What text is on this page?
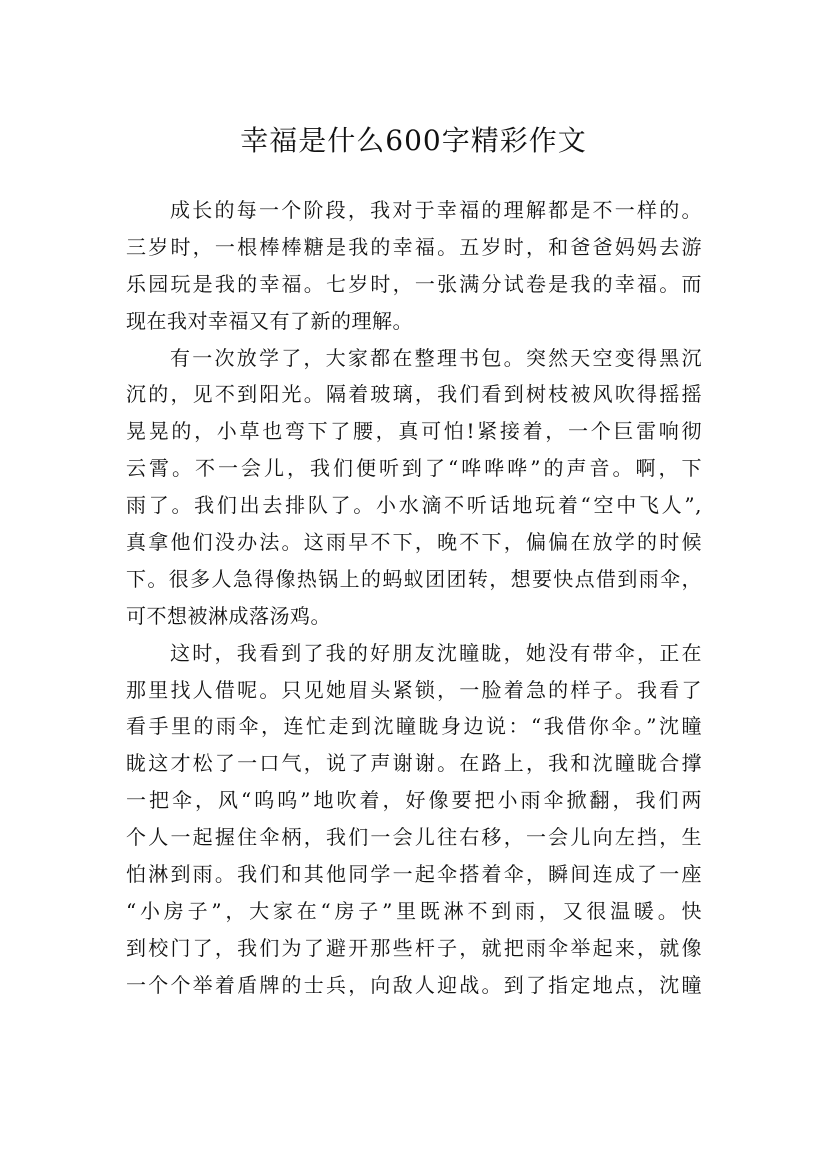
幸福是什么600字精彩作文
成长的每一个阶段，我对于幸福的理解都是不一样的。
三岁时，一根棒棒糖是我的幸福。五岁时，和爸爸妈妈去游
乐园玩是我的幸福。七岁时，一张满分试卷是我的幸福。而
现在我对幸福又有了新的理解。
有一次放学了，大家都在整理书包。突然天空变得黑沉
沉的，见不到阳光。隔着玻璃，我们看到树枝被风吹得摇摇
晃晃的，小草也弯下了腰，真可怕!紧接着，一个巨雷响彻
云霄。不一会儿，我们便听到了“哗哗哗”的声音。啊，下
雨了。我们出去排队了。小水滴不听话地玩着“空中飞人”,
真拿他们没办法。这雨早不下，晚不下，偏偏在放学的时候
下。很多人急得像热锅上的蚂蚁团团转，想要快点借到雨伞，
可不想被淋成落汤鸡。
这时，我看到了我的好朋友沈瞳眬，她没有带伞，正在
那里找人借呢。只见她眉头紧锁，一脸着急的样子。我看了
看手里的雨伞，连忙走到沈瞳眬身边说：“我借你伞。”沈瞳
眬这才松了一口气，说了声谢谢。在路上，我和沈瞳眬合撑
一把伞，风“呜呜”地吹着，好像要把小雨伞掀翻，我们两
个人一起握住伞柄，我们一会儿往右移，一会儿向左挡，生
怕淋到雨。我们和其他同学一起伞搭着伞，瞬间连成了一座
“小房子”，大家在“房子”里既淋不到雨，又很温暖。快
到校门了，我们为了避开那些杆子，就把雨伞举起来，就像
一个个举着盾牌的士兵，向敌人迎战。到了指定地点，沈瞳
